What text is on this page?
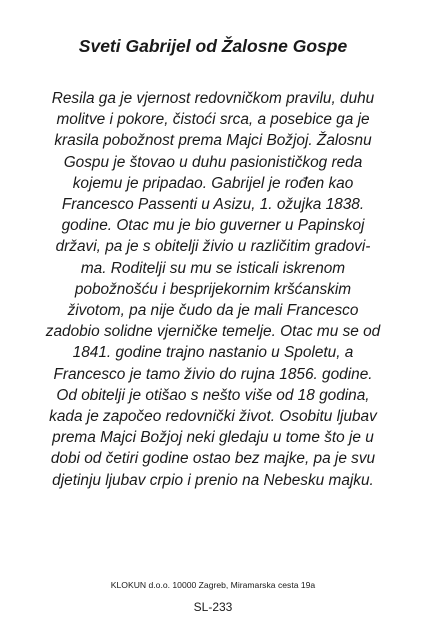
Sveti Gabrijel od Žalosne Gospe
Resila ga je vjernost redovničkom pravilu, duhu
molitve i pokore, čistoći srca, a posebice ga je
krasila pobožnost prema Majci Božjoj. Žalosnu
Gospu je štovao u duhu pasionističkog reda
kojemu je pripadao. Gabrijel je rođen kao
Francesco Passenti u Asizu, 1. ožujka 1838.
godine. Otac mu je bio guverner u Papinskoj
državi, pa je s obitelji živio u različitim gradovi-
ma. Roditelji su mu se isticali iskrenom
pobožnošću i besprijekornim kršćanskim
životom, pa nije čudo da je mali Francesco
zadobio solidne vjerničke temelje. Otac mu se od
1841. godine trajno nastanio u Spoletu, a
Francesco je tamo živio do rujna 1856. godine.
Od obitelji je otišao s nešto više od 18 godina,
kada je započeo redovnički život. Osobitu ljubav
prema Majci Božjoj neki gledaju u tome što je u
dobi od četiri godine ostao bez majke, pa je svu
djetinju ljubav crpio i prenio na Nebesku majku.
KLOKUN d.o.o. 10000 Zagreb, Miramarska cesta 19a
SL-233
